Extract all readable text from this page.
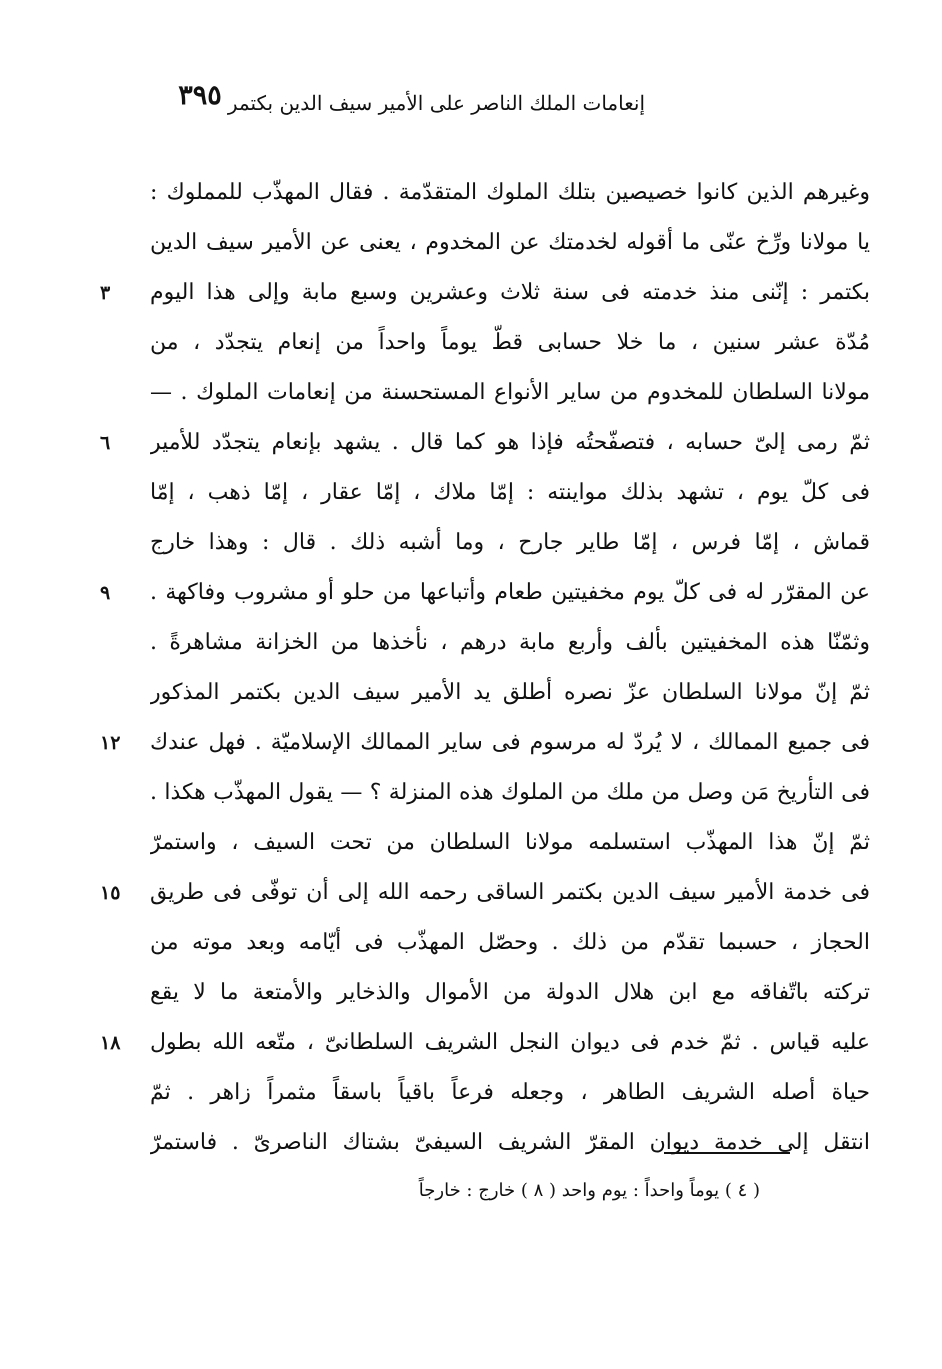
إنعامات الملك الناصر على الأمير سيف الدين بكتمر
٣٩٥
٣
٦
٩
١٢
١٥
١٨
وغيرهم الذين كانوا خصيصين بتلك الملوك المتقدّمة . فقال المهذّب للمملوك :
يا مولانا ورِّخ عنّى ما أقوله لخدمتك عن المخدوم ، يعنى عن الأمير سيف الدين
بكتمر : إنّنى منذ خدمته فى سنة ثلاث وعشرين وسبع مابة وإلى هذا اليوم
مُدّة عشر سنين ، ما خلا حسابى قطّ يوماً واحداً من إنعام يتجدّد ، من
مولانا السلطان للمخدوم من ساير الأنواع المستحسنة من إنعامات الملوك . —
ثمّ رمى إلىّ حسابه ، فتصفّحتُه فإذا هو كما قال . يشهد بإنعام يتجدّد للأمير
فى كلّ يوم ، تشهد بذلك مواينته : إمّا ملاك ، إمّا عقار ، إمّا ذهب ، إمّا
قماش ، إمّا فرس ، إمّا طاير جارح ، وما أشبه ذلك . قال : وهذا خارج
عن المقرّر له فى كلّ يوم مخفيتين طعام وأتباعها من حلو أو مشروب وفاكهة .
وثمّنّا هذه المخفيتين بألف وأربع مابة درهم ، نأخذها من الخزانة مشاهرةً .
ثمّ إنّ مولانا السلطان عزّ نصره أطلق يد الأمير سيف الدين بكتمر المذكور
فى جميع الممالك ، لا يُردّ له مرسوم فى ساير الممالك الإسلاميّة . فهل عندك
فى التأريخ مَن وصل من ملك من الملوك هذه المنزلة ؟ — يقول المهذّب هكذا .
ثمّ إنّ هذا المهذّب استسلمه مولانا السلطان من تحت السيف ، واستمرّ
فى خدمة الأمير سيف الدين بكتمر الساقى رحمه الله إلى أن توفّى فى طريق
الحجاز ، حسبما تقدّم من ذلك . وحصّل المهذّب فى أيّامه وبعد موته من
تركته باتّفاقه مع ابن هلال الدولة من الأموال والذخاير والأمتعة ما لا يقع
عليه قياس . ثمّ خدم فى ديوان النجل الشريف السلطانىّ ، متّعه الله بطول
حياة أصله الشريف الطاهر ، وجعله فرعاً باقياً باسقاً مثمراً زاهر . ثمّ
انتقل إلى خدمة ديوان المقرّ الشريف السيفىّ بشتاك الناصرىّ . فاستمرّ
( ٤ ) يوماً واحداً : يوم واحد ( ٨ ) خارج : خارجاً
